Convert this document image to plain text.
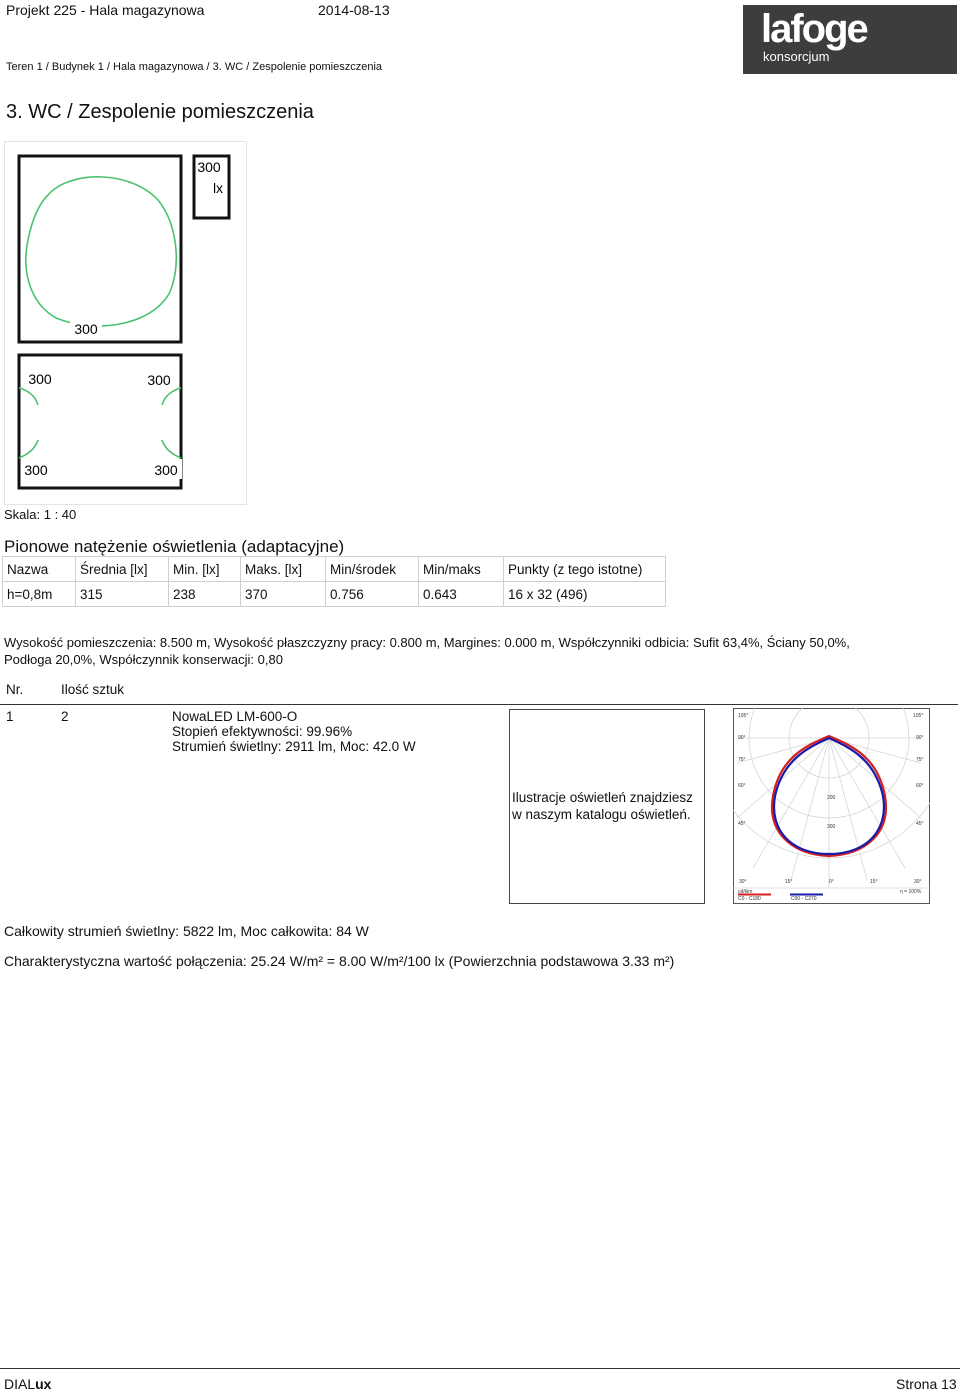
Projekt 225 - Hala magazynowa	2014-08-13
Teren 1 / Budynek 1 / Hala magazynowa / 3. WC / Zespolenie pomieszczenia
lafoge
konsorcjum
3. WC / Zespolenie pomieszczenia
300
300	300
300	300
300
lx
Skala: 1 : 40
Pionowe natężenie oświetlenia (adaptacyjne)
Nazwa	Średnia [lx]	Min. [lx]	Maks. [lx]	Min/środek	Min/maks	Punkty (z tego istotne)
h=0,8m	315	238	370	0.756	0.643	16 x 32 (496)
Wysokość pomieszczenia: 8.500 m, Wysokość płaszczyzny pracy: 0.800 m, Margines: 0.000 m, Współczynniki odbicia: Sufit 63,4%, Ściany 50,0%,
Podłoga 20,0%, Współczynnik konserwacji: 0,80
Nr.	Ilość sztuk
1	2	NowaLED LM-600-O
Stopień efektywności: 99.96%
Strumień świetlny: 2911 lm, Moc: 42.0 W
Ilustracje oświetleń znajdziesz
w naszym katalogu oświetleń.
105°
90°
75°
60°
45°
105°
90°
75°
60°
45°
30°	15°	0°	15°	30°
200
300
cd/klm	η = 100%
C0 - C180	C90 - C270
Całkowity strumień świetlny: 5822 lm, Moc całkowita: 84 W
Charakterystyczna wartość połączenia: 25.24 W/m² = 8.00 W/m²/100 lx (Powierzchnia podstawowa 3.33 m²)
DIALux	Strona 13
